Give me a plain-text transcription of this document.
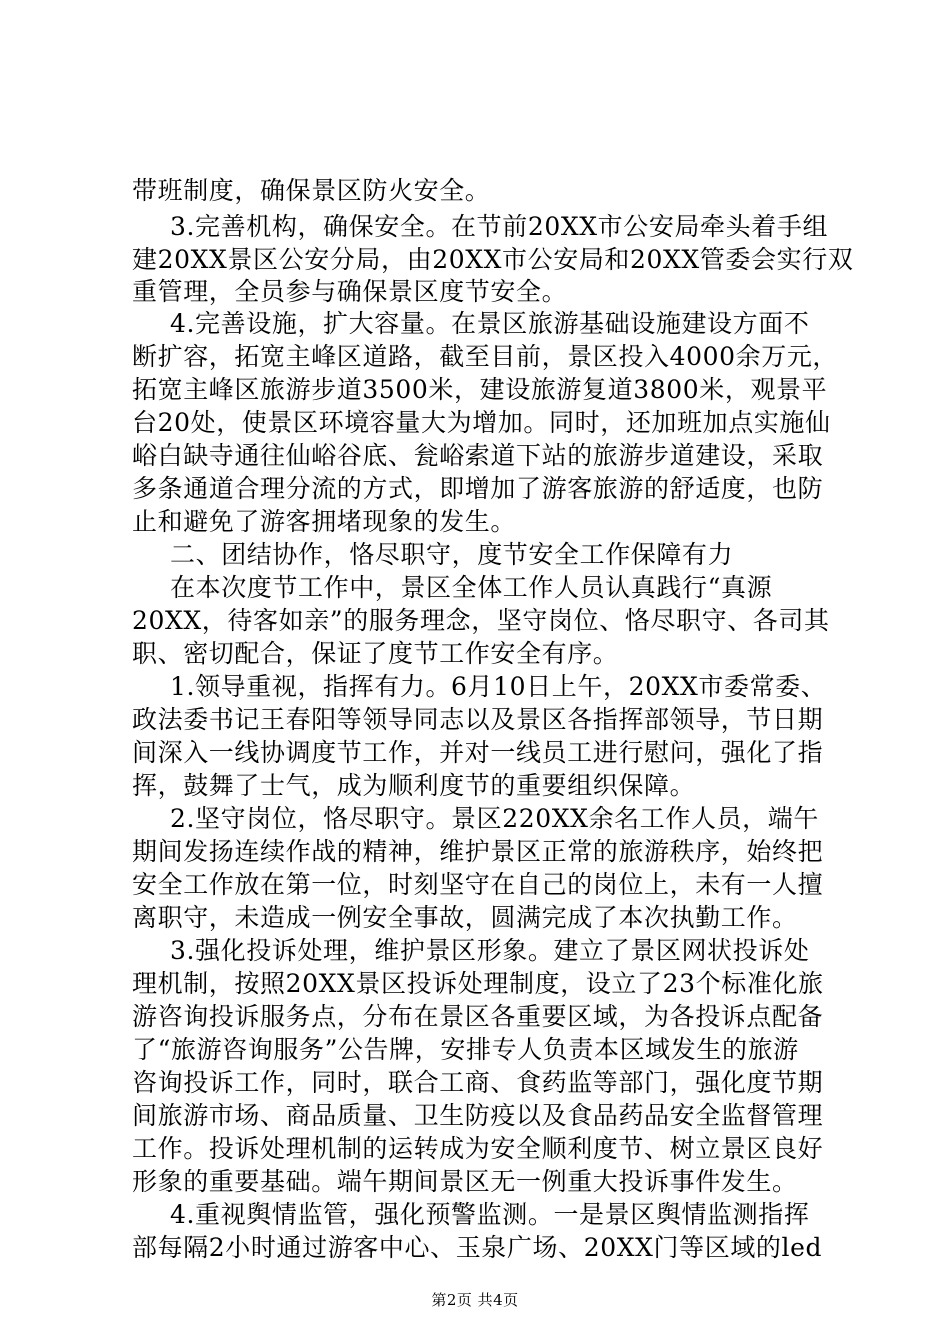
带班制度，确保景区防火安全。
3.完善机构，确保安全。在节前20XX市公安局牵头着手组
建20XX景区公安分局，由20XX市公安局和20XX管委会实行双
重管理，全员参与确保景区度节安全。
4.完善设施，扩大容量。在景区旅游基础设施建设方面不
断扩容，拓宽主峰区道路，截至目前，景区投入4000余万元，
拓宽主峰区旅游步道3500米，建设旅游复道3800米，观景平
台20处，使景区环境容量大为增加。同时，还加班加点实施仙
峪白缺寺通往仙峪谷底、瓮峪索道下站的旅游步道建设，采取
多条通道合理分流的方式，即增加了游客旅游的舒适度，也防
止和避免了游客拥堵现象的发生。
二、团结协作，恪尽职守，度节安全工作保障有力
在本次度节工作中，景区全体工作人员认真践行“真源
20XX，待客如亲”的服务理念，坚守岗位、恪尽职守、各司其
职、密切配合，保证了度节工作安全有序。
1.领导重视，指挥有力。6月10日上午，20XX市委常委、
政法委书记王春阳等领导同志以及景区各指挥部领导，节日期
间深入一线协调度节工作，并对一线员工进行慰问，强化了指
挥，鼓舞了士气，成为顺利度节的重要组织保障。
2.坚守岗位，恪尽职守。景区220XX余名工作人员，端午
期间发扬连续作战的精神，维护景区正常的旅游秩序，始终把
安全工作放在第一位，时刻坚守在自己的岗位上，未有一人擅
离职守，未造成一例安全事故，圆满完成了本次执勤工作。
3.强化投诉处理，维护景区形象。建立了景区网状投诉处
理机制，按照20XX景区投诉处理制度，设立了23个标准化旅
游咨询投诉服务点，分布在景区各重要区域，为各投诉点配备
了“旅游咨询服务”公告牌，安排专人负责本区域发生的旅游
咨询投诉工作，同时，联合工商、食药监等部门，强化度节期
间旅游市场、商品质量、卫生防疫以及食品药品安全监督管理
工作。投诉处理机制的运转成为安全顺利度节、树立景区良好
形象的重要基础。端午期间景区无一例重大投诉事件发生。
4.重视舆情监管，强化预警监测。一是景区舆情监测指挥
部每隔2小时通过游客中心、玉泉广场、20XX门等区域的led
第2页 共4页
